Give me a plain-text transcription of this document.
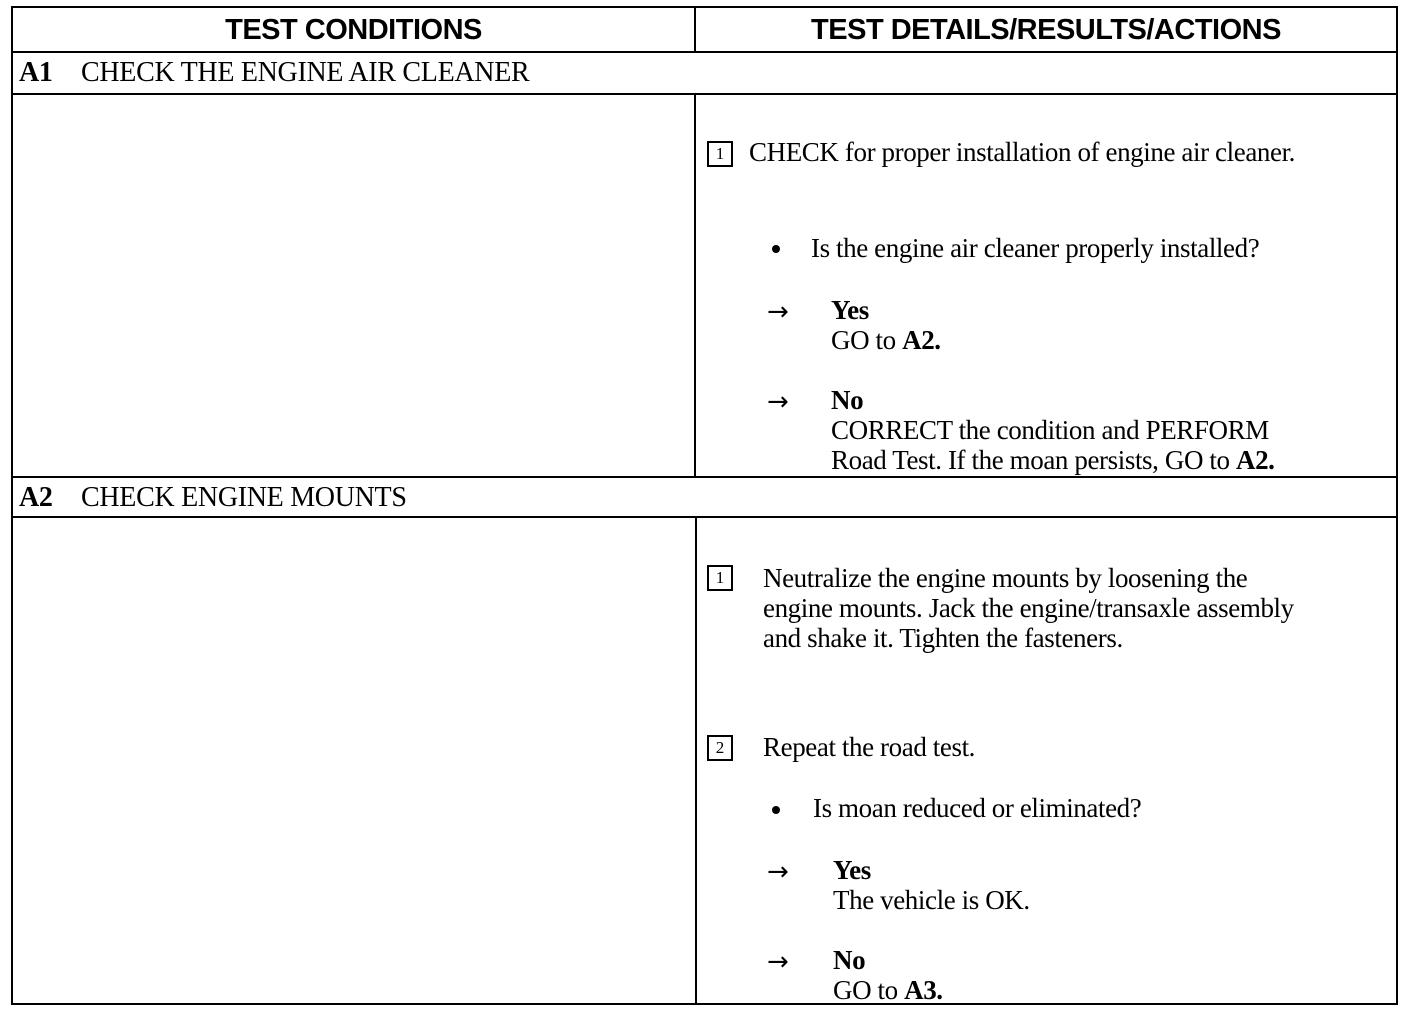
TEST CONDITIONS	TEST DETAILS/RESULTS/ACTIONS
A1	CHECK THE ENGINE AIR CLEANER
1 CHECK for proper installation of engine air cleaner.
Is the engine air cleaner properly installed?
→ Yes
GO to A2.
→ No
CORRECT the condition and PERFORM
Road Test. If the moan persists, GO to A2.
A2	CHECK ENGINE MOUNTS
1	Neutralize the engine mounts by loosening the
engine mounts. Jack the engine/transaxle assembly
and shake it. Tighten the fasteners.
2	Repeat the road test.
Is moan reduced or eliminated?
→ Yes
The vehicle is OK.
→ No
GO to A3.
